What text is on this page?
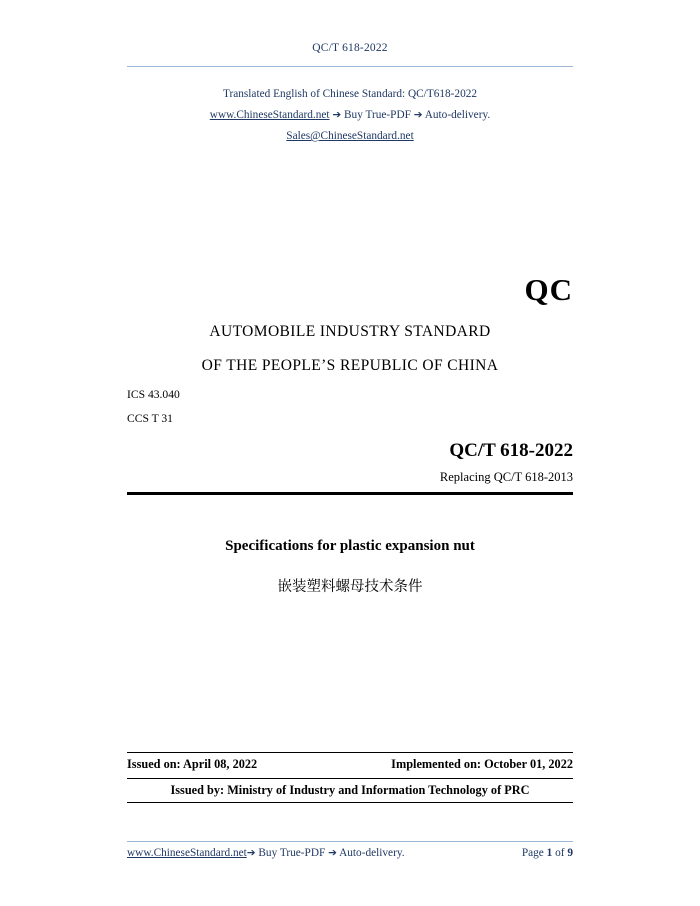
QC/T 618-2022
Translated English of Chinese Standard: QC/T618-2022
www.ChineseStandard.net ➔ Buy True-PDF ➔ Auto-delivery.
Sales@ChineseStandard.net
QC
AUTOMOBILE INDUSTRY STANDARD
OF THE PEOPLE’S REPUBLIC OF CHINA
ICS 43.040
CCS T 31
QC/T 618-2022
Replacing QC/T 618-2013
Specifications for plastic expansion nut
嵌装塑料螺母技术条件
Issued on: April 08, 2022	Implemented on: October 01, 2022
Issued by: Ministry of Industry and Information Technology of PRC
www.ChineseStandard.net➔ Buy True-PDF ➔ Auto-delivery.	Page 1 of 9
